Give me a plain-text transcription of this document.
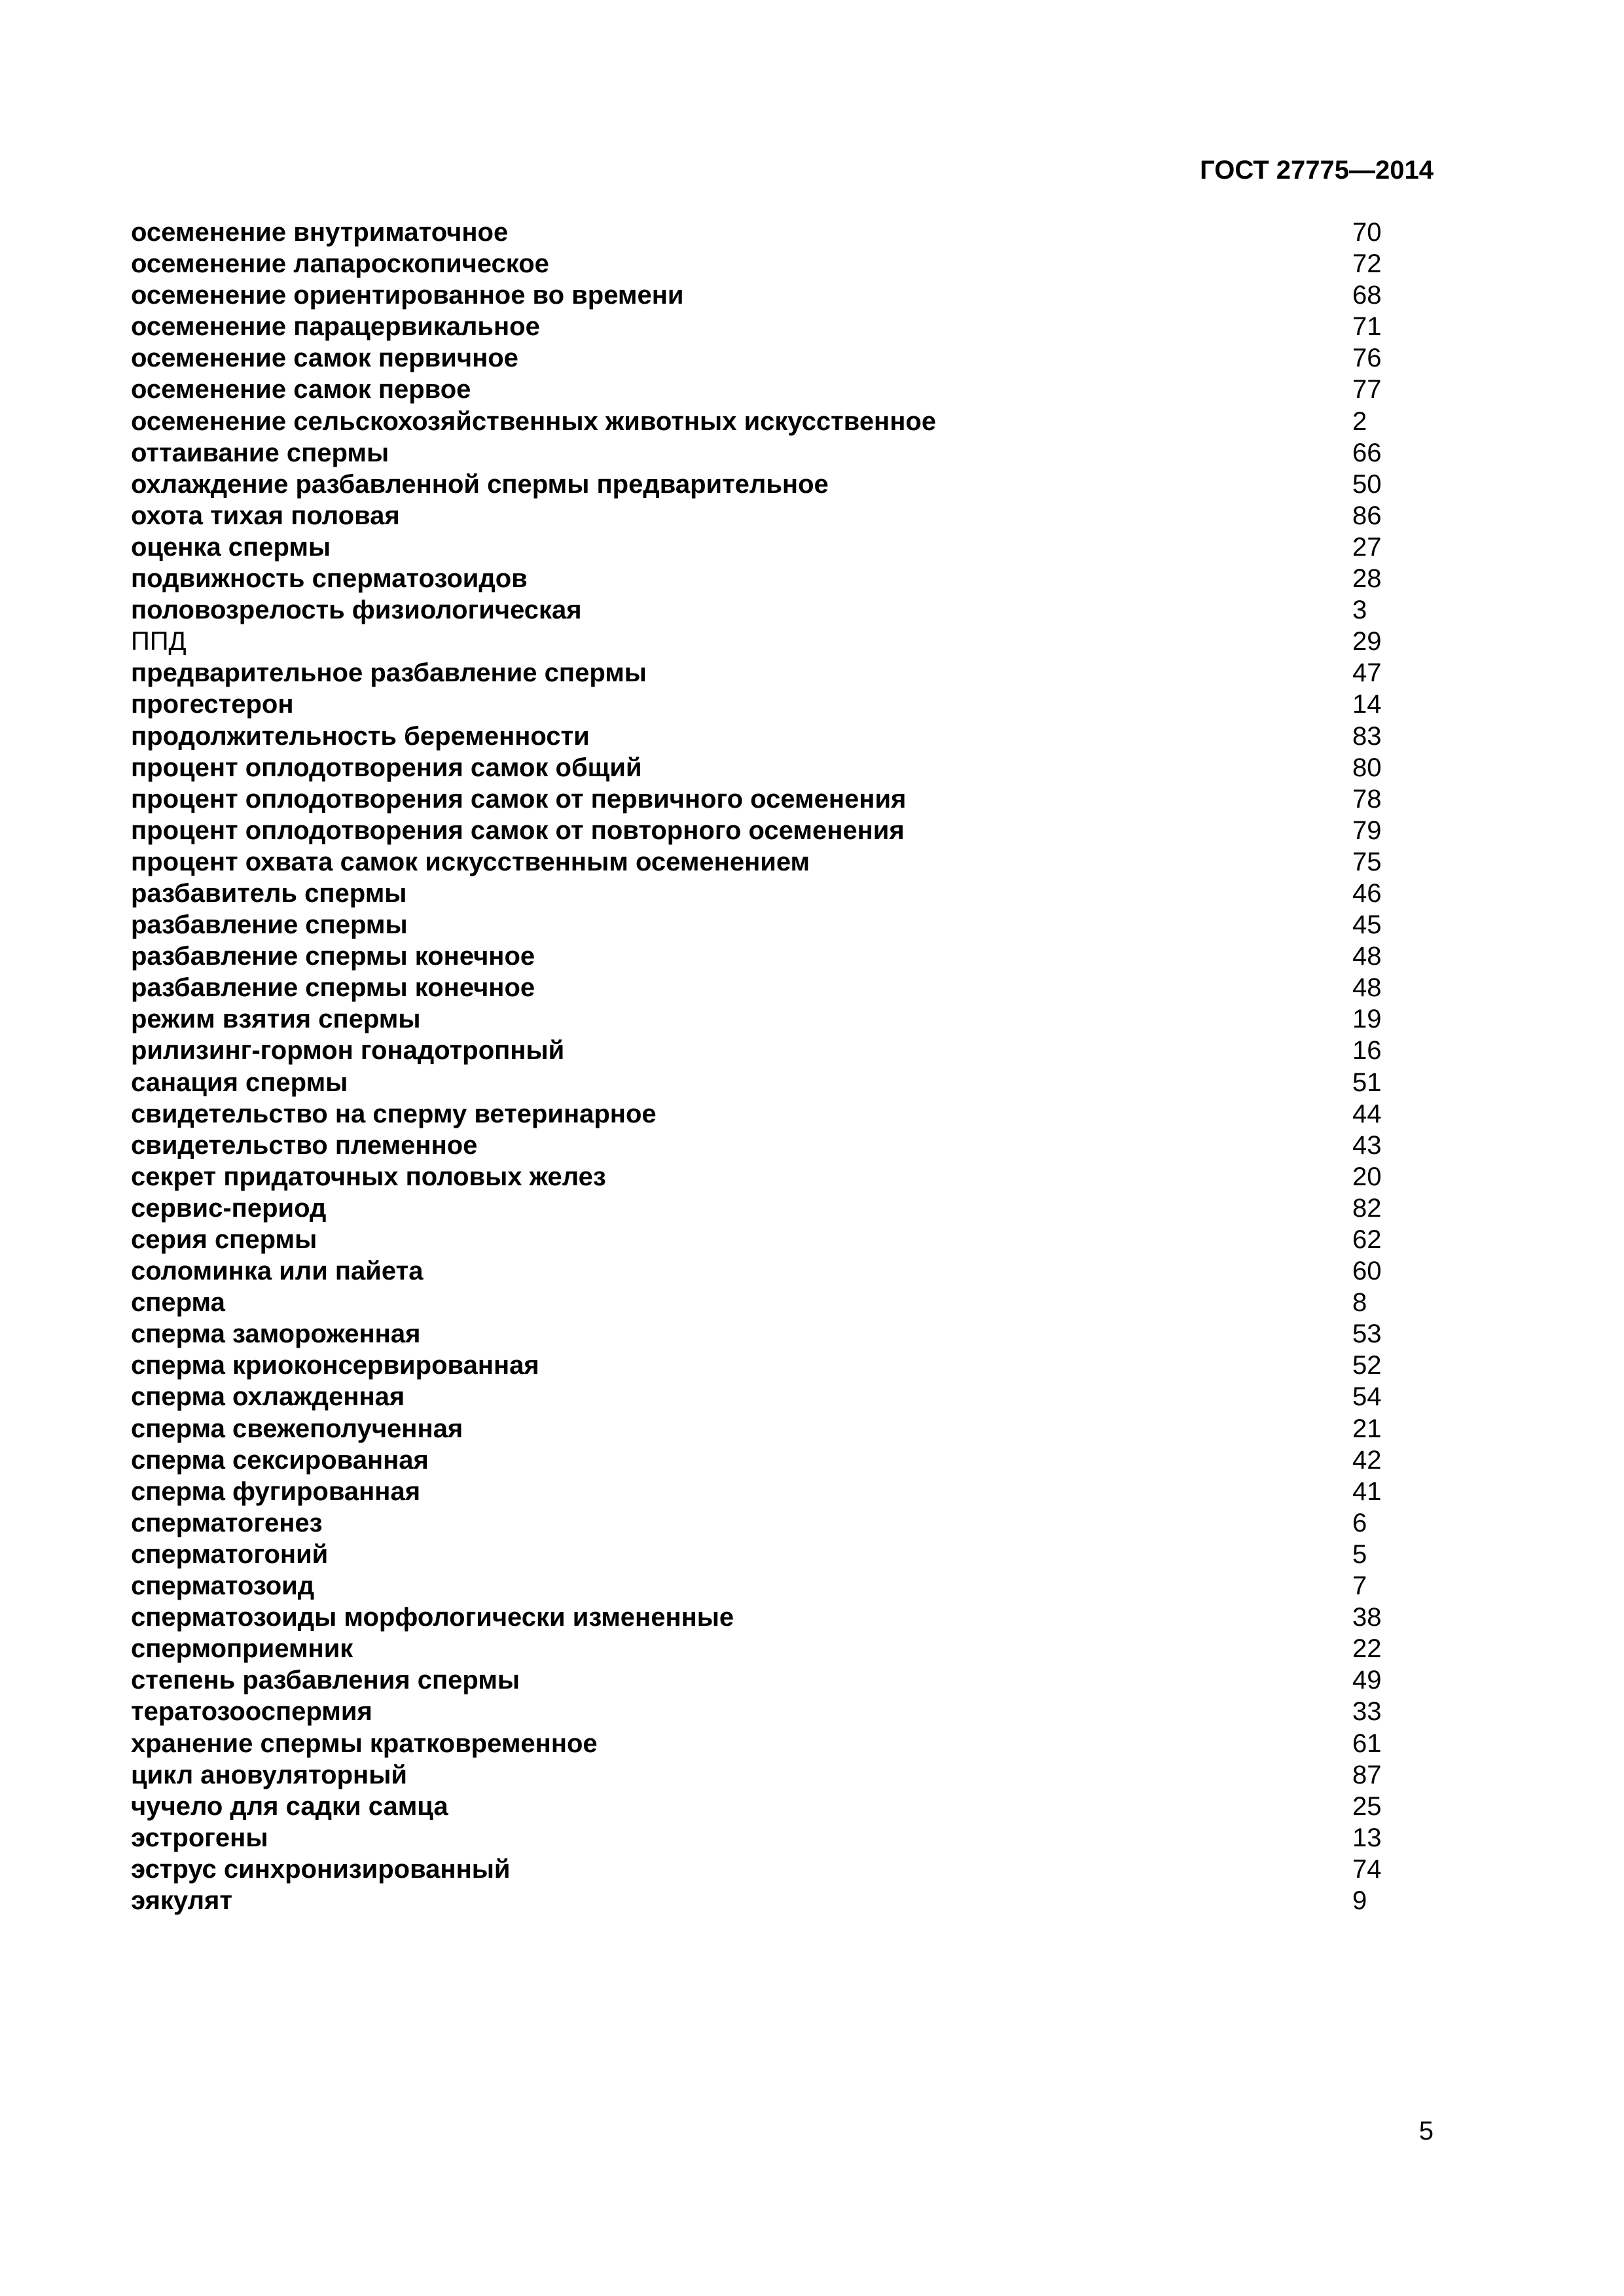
ГОСТ 27775—2014
осеменение внутриматочное	70
осеменение лапароскопическое	72
осеменение ориентированное во времени	68
осеменение парацервикальное	71
осеменение самок первичное	76
осеменение самок первое	77
осеменение сельскохозяйственных животных искусственное	2
оттаивание спермы	66
охлаждение разбавленной спермы предварительное	50
охота тихая половая	86
оценка спермы	27
подвижность сперматозоидов	28
половозрелость физиологическая	3
ППД	29
предварительное разбавление спермы	47
прогестерон	14
продолжительность беременности	83
процент оплодотворения самок общий	80
процент оплодотворения самок от первичного осеменения	78
процент оплодотворения самок от повторного осеменения	79
процент охвата самок искусственным осеменением	75
разбавитель спермы	46
разбавление спермы	45
разбавление спермы конечное	48
разбавление спермы конечное	48
режим взятия спермы	19
рилизинг-гормон гонадотропный	16
санация спермы	51
свидетельство на сперму ветеринарное	44
свидетельство племенное	43
секрет придаточных половых желез	20
сервис-период	82
серия спермы	62
соломинка или пайета	60
сперма	8
сперма замороженная	53
сперма криоконсервированная	52
сперма охлажденная	54
сперма свежеполученная	21
сперма сексированная	42
сперма фугированная	41
сперматогенез	6
сперматогоний	5
сперматозоид	7
сперматозоиды морфологически измененные	38
спермоприемник	22
степень разбавления спермы	49
тератозооспермия	33
хранение спермы кратковременное	61
цикл ановуляторный	87
чучело для садки самца	25
эстрогены	13
эструс синхронизированный	74
эякулят	9
5
